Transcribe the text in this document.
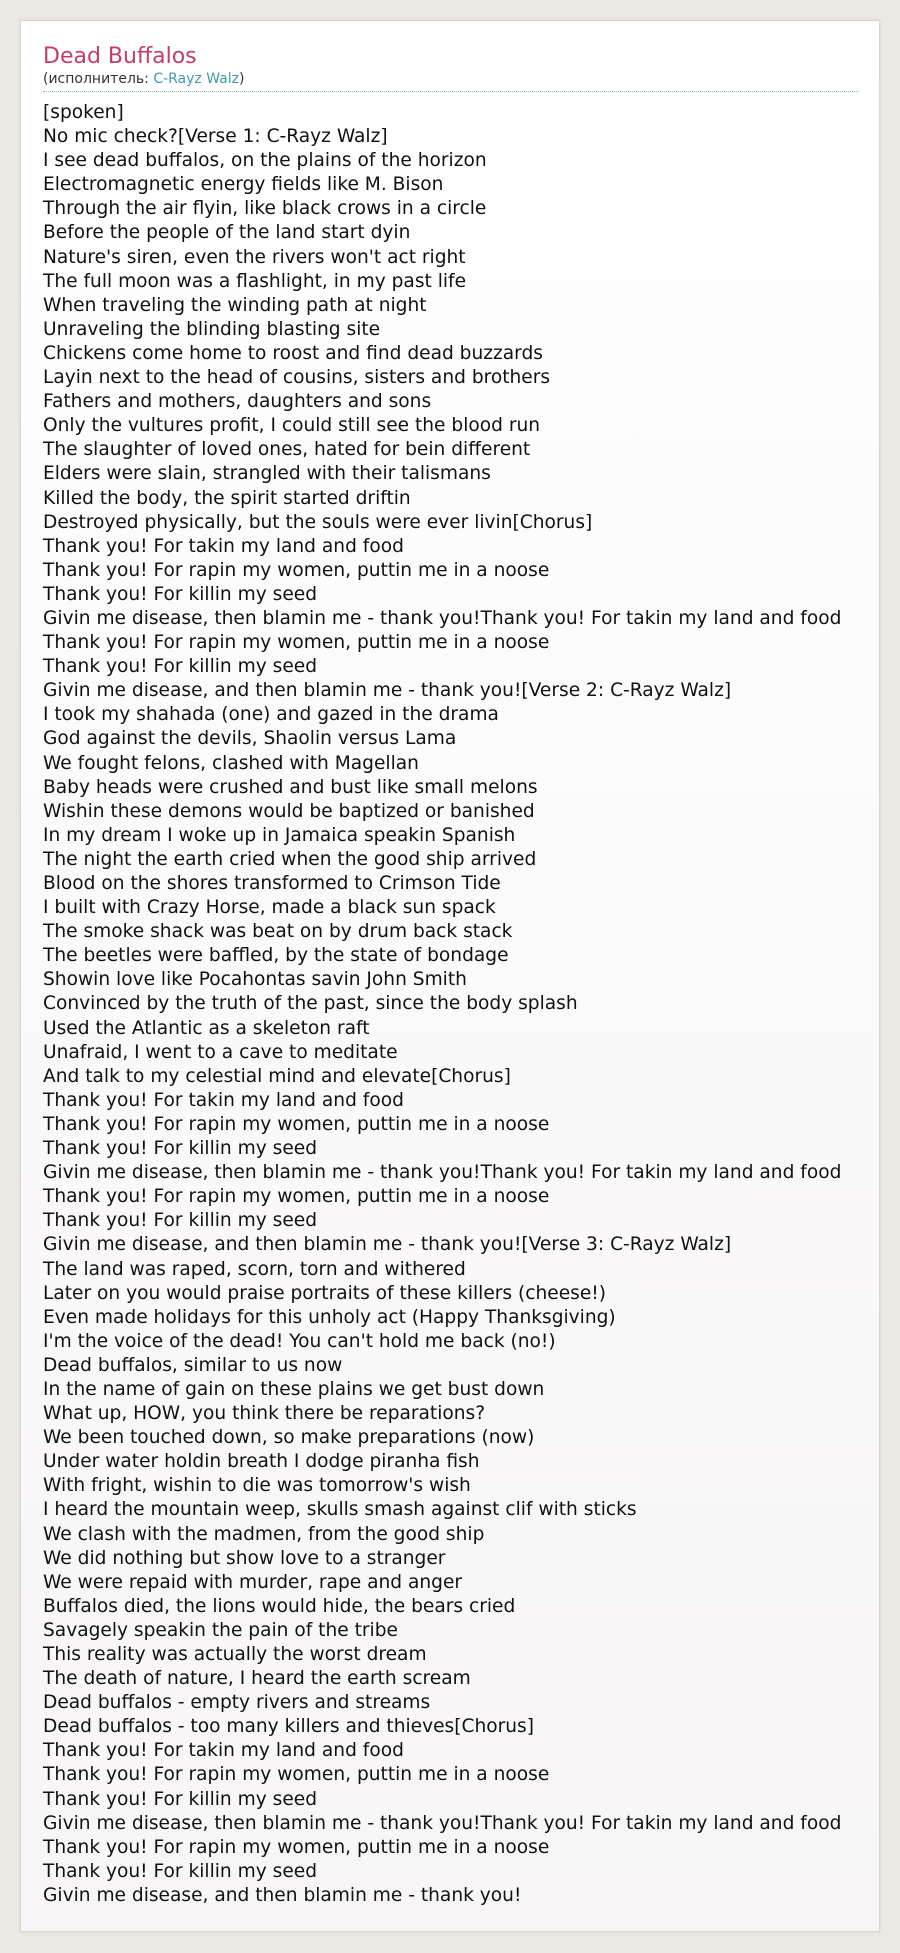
Dead Buffalos
(исполнитель: C-Rayz Walz)
[spoken]
No mic check?[Verse 1: C-Rayz Walz]
I see dead buffalos, on the plains of the horizon
Electromagnetic energy fields like M. Bison
Through the air flyin, like black crows in a circle
Before the people of the land start dyin
Nature's siren, even the rivers won't act right
The full moon was a flashlight, in my past life
When traveling the winding path at night
Unraveling the blinding blasting site
Chickens come home to roost and find dead buzzards
Layin next to the head of cousins, sisters and brothers
Fathers and mothers, daughters and sons
Only the vultures profit, I could still see the blood run
The slaughter of loved ones, hated for bein different
Elders were slain, strangled with their talismans
Killed the body, the spirit started driftin
Destroyed physically, but the souls were ever livin[Chorus]
Thank you! For takin my land and food
Thank you! For rapin my women, puttin me in a noose
Thank you! For killin my seed
Givin me disease, then blamin me - thank you!Thank you! For takin my land and food
Thank you! For rapin my women, puttin me in a noose
Thank you! For killin my seed
Givin me disease, and then blamin me - thank you![Verse 2: C-Rayz Walz]
I took my shahada (one) and gazed in the drama
God against the devils, Shaolin versus Lama
We fought felons, clashed with Magellan
Baby heads were crushed and bust like small melons
Wishin these demons would be baptized or banished
In my dream I woke up in Jamaica speakin Spanish
The night the earth cried when the good ship arrived
Blood on the shores transformed to Crimson Tide
I built with Crazy Horse, made a black sun spack
The smoke shack was beat on by drum back stack
The beetles were baffled, by the state of bondage
Showin love like Pocahontas savin John Smith
Convinced by the truth of the past, since the body splash
Used the Atlantic as a skeleton raft
Unafraid, I went to a cave to meditate
And talk to my celestial mind and elevate[Chorus]
Thank you! For takin my land and food
Thank you! For rapin my women, puttin me in a noose
Thank you! For killin my seed
Givin me disease, then blamin me - thank you!Thank you! For takin my land and food
Thank you! For rapin my women, puttin me in a noose
Thank you! For killin my seed
Givin me disease, and then blamin me - thank you![Verse 3: C-Rayz Walz]
The land was raped, scorn, torn and withered
Later on you would praise portraits of these killers (cheese!)
Even made holidays for this unholy act (Happy Thanksgiving)
I'm the voice of the dead! You can't hold me back (no!)
Dead buffalos, similar to us now
In the name of gain on these plains we get bust down
What up, HOW, you think there be reparations?
We been touched down, so make preparations (now)
Under water holdin breath I dodge piranha fish
With fright, wishin to die was tomorrow's wish
I heard the mountain weep, skulls smash against clif with sticks
We clash with the madmen, from the good ship
We did nothing but show love to a stranger
We were repaid with murder, rape and anger
Buffalos died, the lions would hide, the bears cried
Savagely speakin the pain of the tribe
This reality was actually the worst dream
The death of nature, I heard the earth scream
Dead buffalos - empty rivers and streams
Dead buffalos - too many killers and thieves[Chorus]
Thank you! For takin my land and food
Thank you! For rapin my women, puttin me in a noose
Thank you! For killin my seed
Givin me disease, then blamin me - thank you!Thank you! For takin my land and food
Thank you! For rapin my women, puttin me in a noose
Thank you! For killin my seed
Givin me disease, and then blamin me - thank you!
